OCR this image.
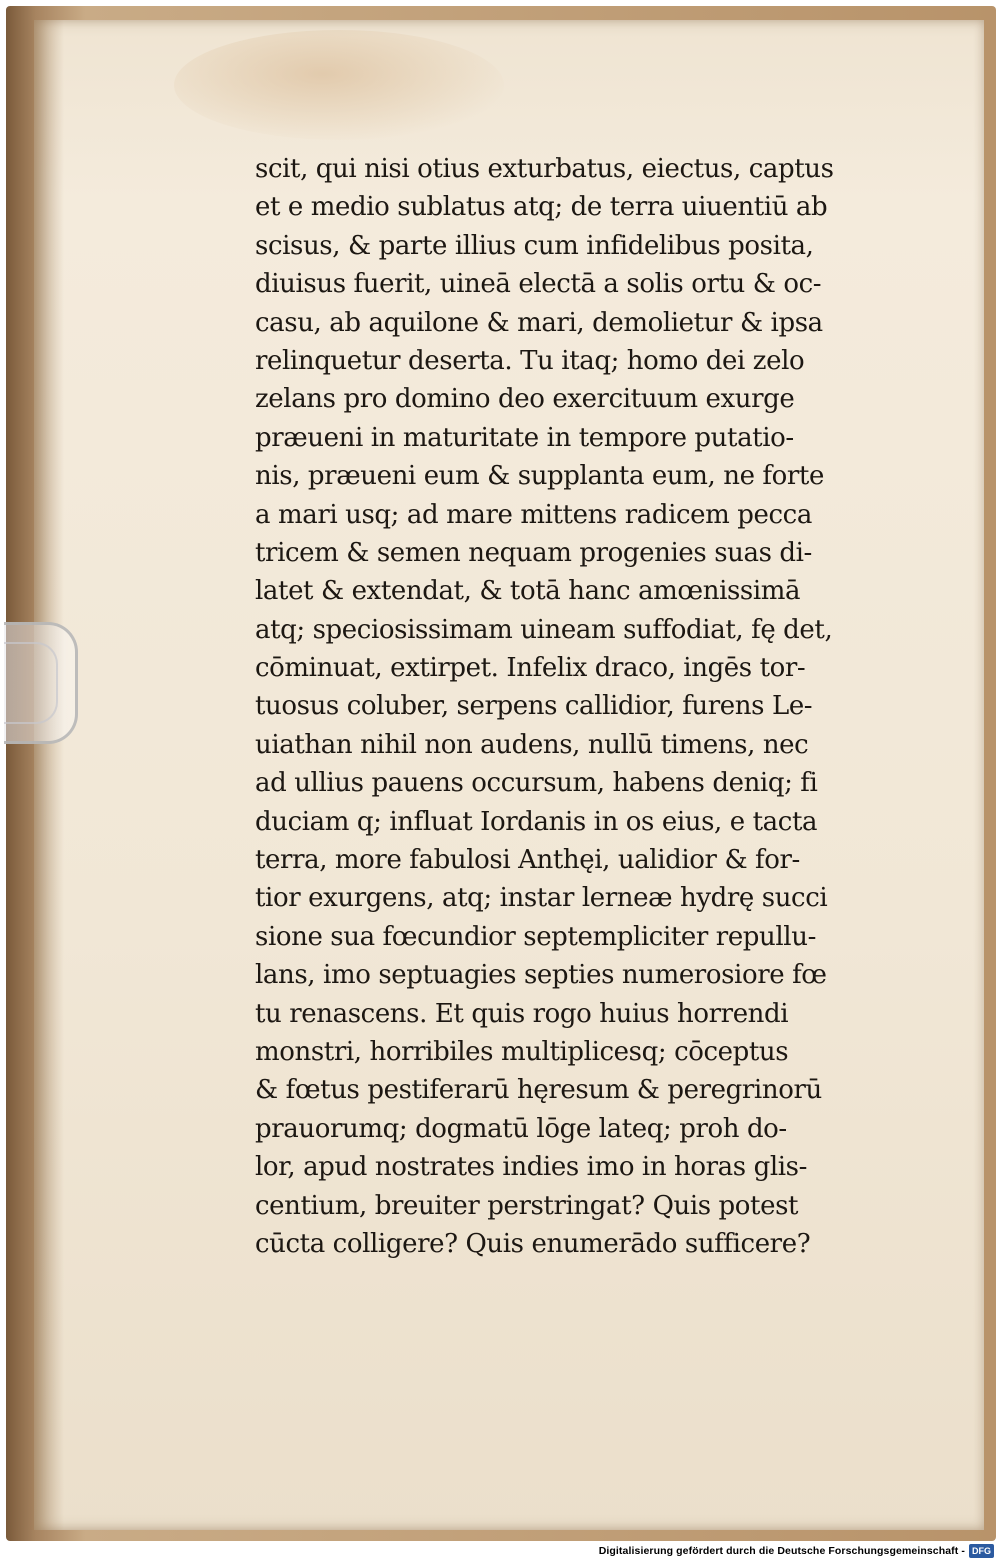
scit, qui nisi otius exturbatus, eiectus, captus
et e medio sublatus atq; de terra uiuentiū ab
scisus, & parte illius cum infidelibus posita,
diuisus fuerit, uineā electā a solis ortu & oc-
casu, ab aquilone & mari, demolietur & ipsa
relinquetur deserta. Tu itaq; homo dei zelo
zelans pro domino deo exercituum exurge
præueni in maturitate in tempore putatio-
nis, præueni eum & supplanta eum, ne forte
a mari usq; ad mare mittens radicem pecca
tricem & semen nequam progenies suas di-
latet & extendat, & totā hanc amœnissimā
atq; speciosissimam uineam suffodiat, fę det,
cōminuat, extirpet. Infelix draco, ingēs tor-
tuosus coluber, serpens callidior, furens Le-
uiathan nihil non audens, nullū timens, nec
ad ullius pauens occursum, habens deniq; fi
duciam q; influat Iordanis in os eius, e tacta
terra, more fabulosi Anthęi, ualidior & for-
tior exurgens, atq; instar lerneæ hydrę succi
sione sua fœcundior septempliciter repullu-
lans, imo septuagies septies numerosiore fœ
tu renascens. Et quis rogo huius horrendi
monstri, horribiles multiplicesq; cōceptus
& fœtus pestiferarū hęresum & peregrinorū
prauorumq; dogmatū lōge lateq; proh do-
lor, apud nostrates indies imo in horas glis-
centium, breuiter perstringat? Quis potest
cūcta colligere? Quis enumerādo sufficere?
Digitalisierung gefördert durch die Deutsche Forschungsgemeinschaft - DFG
